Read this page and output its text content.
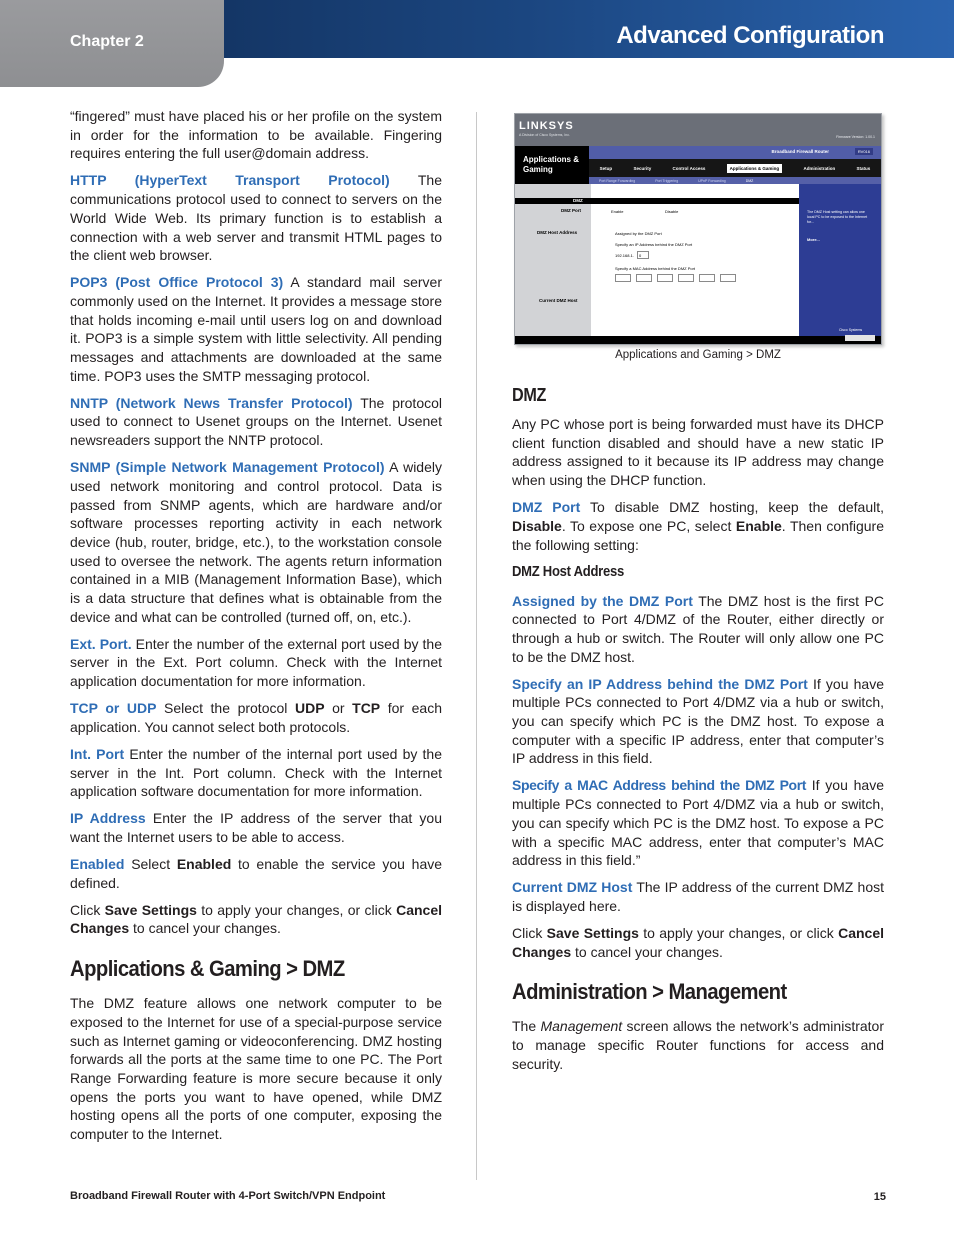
Chapter 2	Advanced Configuration

“fingered” must have placed his or her profile on the system in order for the information to be available. Fingering requires entering the full user@domain address.

HTTP (HyperText Transport Protocol) The communications protocol used to connect to servers on the World Wide Web. Its primary function is to establish a connection with a web server and transmit HTML pages to the client web browser.

POP3 (Post Office Protocol 3) A standard mail server commonly used on the Internet. It provides a message store that holds incoming e-mail until users log on and download it. POP3 is a simple system with little selectivity. All pending messages and attachments are downloaded at the same time. POP3 uses the SMTP messaging protocol.

NNTP (Network News Transfer Protocol) The protocol used to connect to Usenet groups on the Internet. Usenet newsreaders support the NNTP protocol.

SNMP (Simple Network Management Protocol) A widely used network monitoring and control protocol. Data is passed from SNMP agents, which are hardware and/or software processes reporting activity in each network device (hub, router, bridge, etc.), to the workstation console used to oversee the network. The agents return information contained in a MIB (Management Information Base), which is a data structure that defines what is obtainable from the device and what can be controlled (turned off, on, etc.).

Ext. Port. Enter the number of the external port used by the server in the Ext. Port column. Check with the Internet application documentation for more information.

TCP or UDP Select the protocol UDP or TCP for each application. You cannot select both protocols.

Int. Port Enter the number of the internal port used by the server in the Int. Port column. Check with the Internet application software documentation for more information.

IP Address Enter the IP address of the server that you want the Internet users to be able to access.

Enabled Select Enabled to enable the service you have defined.

Click Save Settings to apply your changes, or click Cancel Changes to cancel your changes.

Applications & Gaming > DMZ

The DMZ feature allows one network computer to be exposed to the Internet for use of a special-purpose service such as Internet gaming or videoconferencing. DMZ hosting forwards all the ports at the same time to one PC. The Port Range Forwarding feature is more secure because it only opens the ports you want to have opened, while DMZ hosting opens all the ports of one computer, exposing the computer to the Internet.

LINKSYS
A Division of Cisco Systems, Inc.	Firmware Version: 1.00.1
Applications & Gaming
Broadband Firewall Router	RV016
Setup	Security	Control Access	Applications & Gaming	Administration	Status
Port Range Forwarding	Port Triggering	UPnP Forwarding	DMZ
DMZ
DMZ Port
DMZ Host Address
Current DMZ Host
Enable	Disable
Assigned by the DMZ Port
Specify an IP Address behind the DMZ Port
192.168.1. 0
Specify a MAC Address behind the DMZ Port
The DMZ Host setting can allow one local PC to be exposed to the Internet for...
More...
Cisco Systems
Applications and Gaming > DMZ
DMZ

Any PC whose port is being forwarded must have its DHCP client function disabled and should have a new static IP address assigned to it because its IP address may change when using the DHCP function.

DMZ Port To disable DMZ hosting, keep the default, Disable. To expose one PC, select Enable. Then configure the following setting:

DMZ Host Address

Assigned by the DMZ Port The DMZ host is the first PC connected to Port 4/DMZ of the Router, either directly or through a hub or switch. The Router will only allow one PC to be the DMZ host.

Specify an IP Address behind the DMZ Port If you have multiple PCs connected to Port 4/DMZ via a hub or switch, you can specify which PC is the DMZ host. To expose a computer with a specific IP address, enter that computer’s IP address in this field.

Specify a MAC Address behind the DMZ Port If you have multiple PCs connected to Port 4/DMZ via a hub or switch, you can specify which PC is the DMZ host. To expose a PC with a specific MAC address, enter that computer’s MAC address in this field.”

Current DMZ Host The IP address of the current DMZ host is displayed here.

Click Save Settings to apply your changes, or click Cancel Changes to cancel your changes.

Administration > Management

The Management screen allows the network’s administrator to manage specific Router functions for access and security.

Broadband Firewall Router with 4-Port Switch/VPN Endpoint	15
